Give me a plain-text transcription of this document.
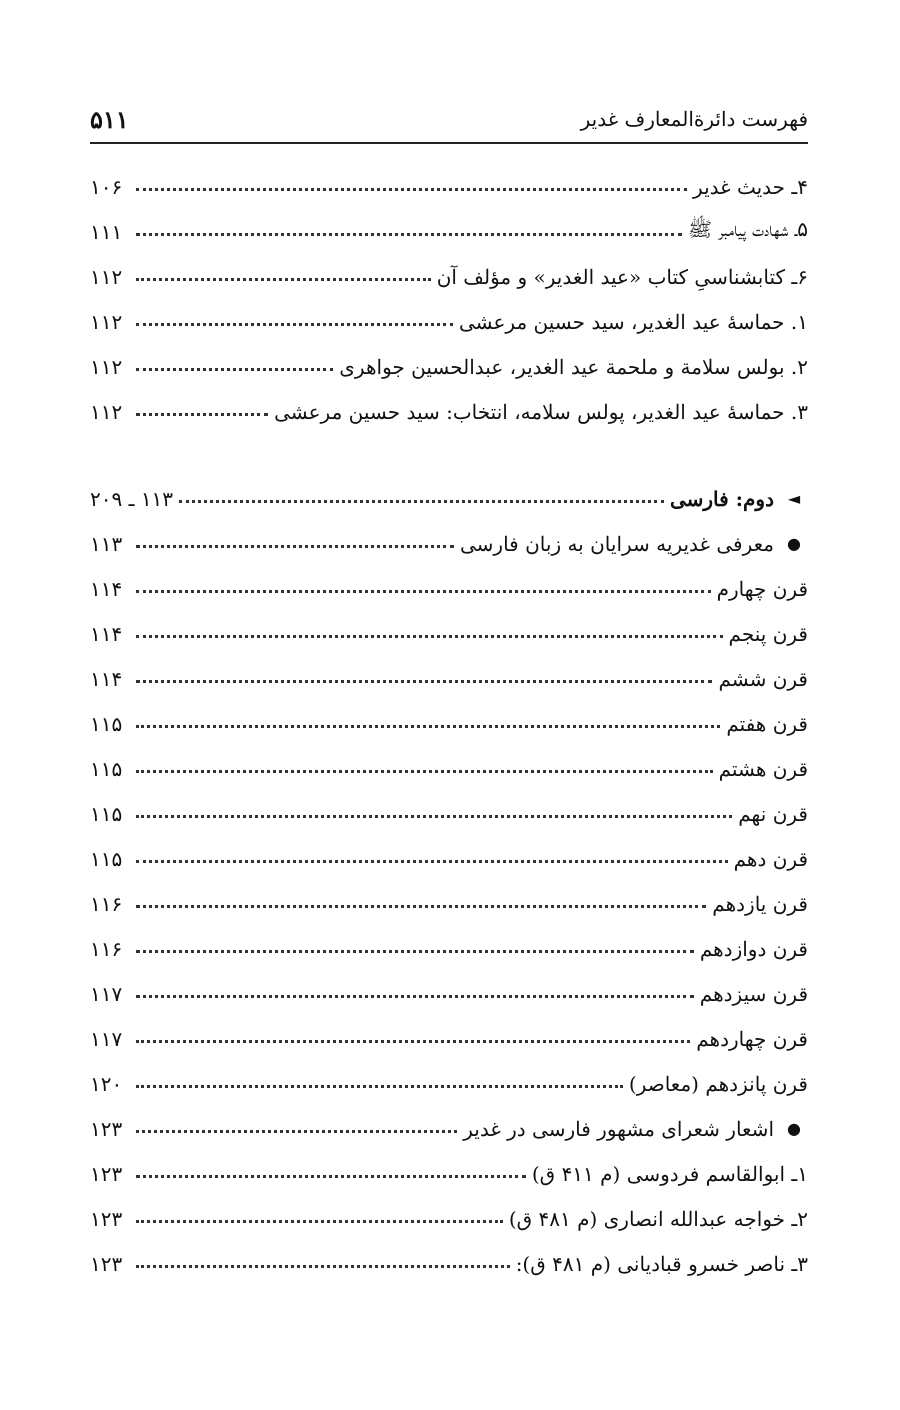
فهرست دائرة‌المعارف غدیر
۵۱۱
۴ـ حدیث غدیر
۱۰۶
۵ـ شهادت پیامبر ﷺ
۱۱۱
۶ـ کتابشناسیِ کتاب «عید الغدیر» و مؤلف آن
۱۱۲
۱. حماسهٔ عید الغدیر، سید حسین مرعشی
۱۱۲
۲. بولس سلامة و ملحمة عید الغدیر، عبدالحسین جواهری
۱۱۲
۳. حماسهٔ عید الغدیر، پولس سلامه، انتخاب: سید حسین مرعشی
۱۱۲
◄
دوم: فارسی
۱۱۳ ـ ۲۰۹
●
معرفی غدیریه سرایان به زبان فارسی
۱۱۳
قرن چهارم
۱۱۴
قرن پنجم
۱۱۴
قرن ششم
۱۱۴
قرن هفتم
۱۱۵
قرن هشتم
۱۱۵
قرن نهم
۱۱۵
قرن دهم
۱۱۵
قرن یازدهم
۱۱۶
قرن دوازدهم
۱۱۶
قرن سیزدهم
۱۱۷
قرن چهاردهم
۱۱۷
قرن پانزدهم (معاصر)
۱۲۰
●
اشعار شعرای مشهور فارسی در غدیر
۱۲۳
۱ـ ابوالقاسم فردوسی (م ۴۱۱ ق)
۱۲۳
۲ـ خواجه عبدالله انصاری (م ۴۸۱ ق)
۱۲۳
۳ـ ناصر خسرو قبادیانی (م ۴۸۱ ق):
۱۲۳
